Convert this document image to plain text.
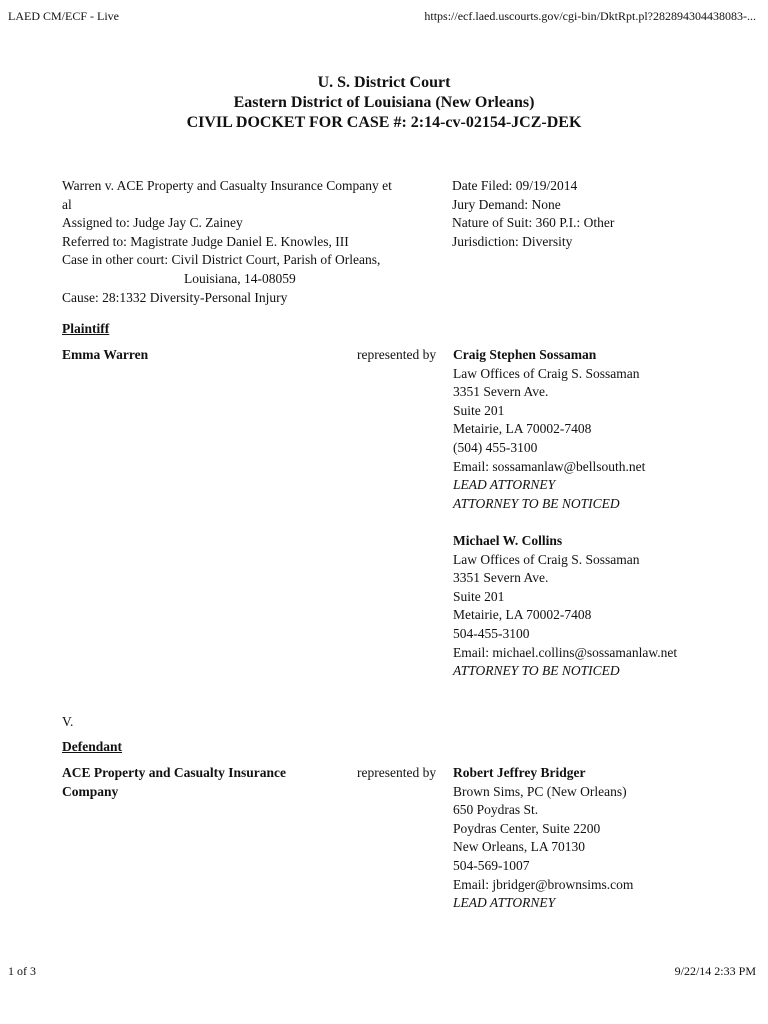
LAED CM/ECF - Live	https://ecf.laed.uscourts.gov/cgi-bin/DktRpt.pl?282894304438083-...
U. S. District Court
Eastern District of Louisiana (New Orleans)
CIVIL DOCKET FOR CASE #: 2:14-cv-02154-JCZ-DEK
Warren v. ACE Property and Casualty Insurance Company et
al
Assigned to: Judge Jay C. Zainey
Referred to: Magistrate Judge Daniel E. Knowles, III
Case in other court: Civil District Court, Parish of Orleans,
Louisiana, 14-08059
Cause: 28:1332 Diversity-Personal Injury
Date Filed: 09/19/2014
Jury Demand: None
Nature of Suit: 360 P.I.: Other
Jurisdiction: Diversity
Plaintiff
Emma Warren	represented by Craig Stephen Sossaman
Law Offices of Craig S. Sossaman
3351 Severn Ave.
Suite 201
Metairie, LA 70002-7408
(504) 455-3100
Email: sossamanlaw@bellsouth.net
LEAD ATTORNEY
ATTORNEY TO BE NOTICED
Michael W. Collins
Law Offices of Craig S. Sossaman
3351 Severn Ave.
Suite 201
Metairie, LA 70002-7408
504-455-3100
Email: michael.collins@sossamanlaw.net
ATTORNEY TO BE NOTICED
V.
Defendant
ACE Property and Casualty Insurance
Company
represented by Robert Jeffrey Bridger
Brown Sims, PC (New Orleans)
650 Poydras St.
Poydras Center, Suite 2200
New Orleans, LA 70130
504-569-1007
Email: jbridger@brownsims.com
LEAD ATTORNEY
1 of 3	9/22/14 2:33 PM
